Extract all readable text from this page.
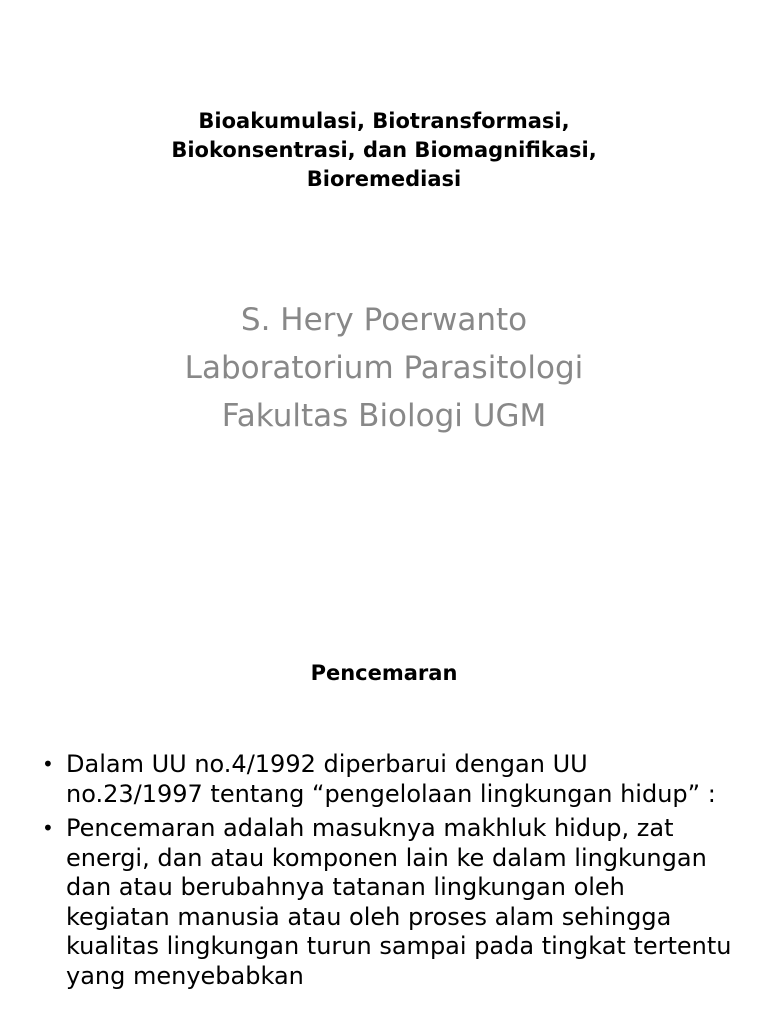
Bioakumulasi, Biotransformasi,
Biokonsentrasi, dan Biomagnifikasi,
Bioremediasi
S. Hery Poerwanto
Laboratorium Parasitologi
Fakultas Biologi UGM
Pencemaran
• Dalam UU no.4/1992 diperbarui dengan UU no.23/1997 tentang “pengelolaan lingkungan hidup” :
• Pencemaran adalah masuknya makhluk hidup, zat energi, dan atau komponen lain ke dalam lingkungan dan atau berubahnya tatanan lingkungan oleh kegiatan manusia atau oleh proses alam sehingga kualitas lingkungan turun sampai pada tingkat tertentu yang menyebabkan
